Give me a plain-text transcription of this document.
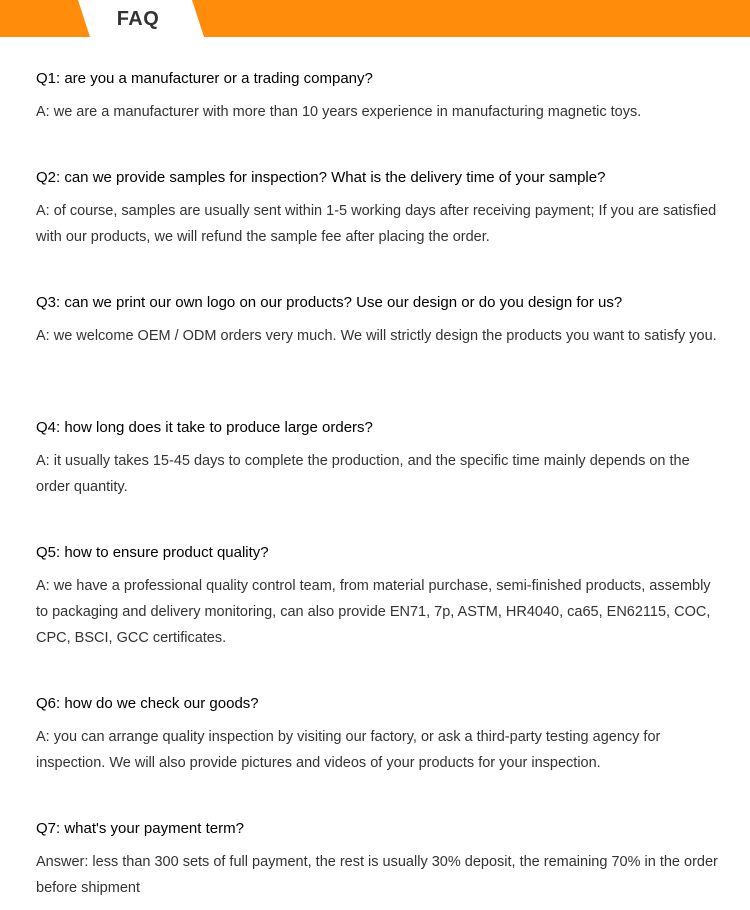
FAQ

Q1: are you a manufacturer or a trading company?

A: we are a manufacturer with more than 10 years experience in manufacturing magnetic toys.

Q2: can we provide samples for inspection? What is the delivery time of your sample?

A: of course, samples are usually sent within 1-5 working days after receiving payment; If you are satisfied with our products, we will refund the sample fee after placing the order.

Q3: can we print our own logo on our products? Use our design or do you design for us?

A: we welcome OEM / ODM orders very much. We will strictly design the products you want to satisfy you.

Q4: how long does it take to produce large orders?

A: it usually takes 15-45 days to complete the production, and the specific time mainly depends on the order quantity.

Q5: how to ensure product quality?

A: we have a professional quality control team, from material purchase, semi-finished products, assembly to packaging and delivery monitoring, can also provide EN71, 7p, ASTM, HR4040, ca65, EN62115, COC, CPC, BSCI, GCC certificates.

Q6: how do we check our goods?

A: you can arrange quality inspection by visiting our factory, or ask a third-party testing agency for inspection. We will also provide pictures and videos of your products for your inspection.

Q7: what's your payment term?

Answer: less than 300 sets of full payment, the rest is usually 30% deposit, the remaining 70% in the order before shipment
